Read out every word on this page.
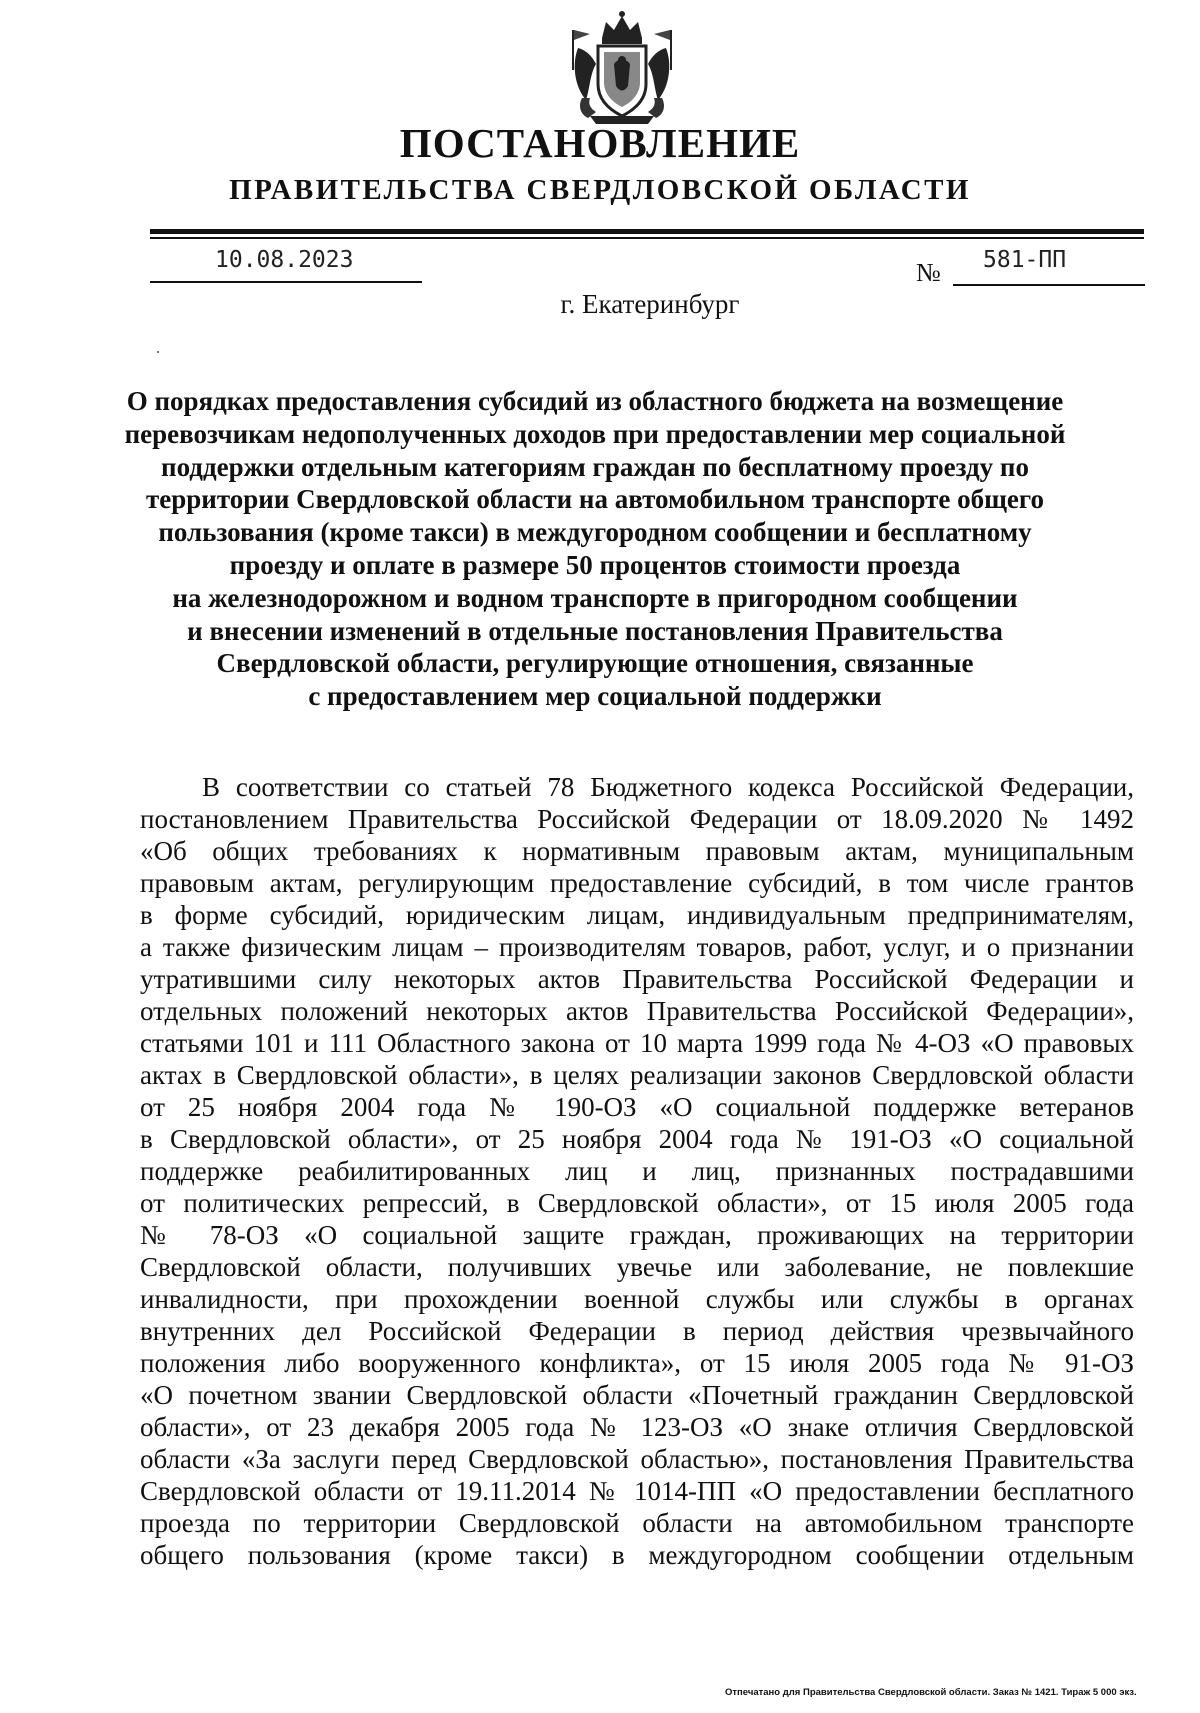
ПОСТАНОВЛЕНИЕ
ПРАВИТЕЛЬСТВА СВЕРДЛОВСКОЙ ОБЛАСТИ
10.08.2023	№ 581-ПП
г. Екатеринбург
О порядках предоставления субсидий из областного бюджета на возмещение
перевозчикам недополученных доходов при предоставлении мер социальной
поддержки отдельным категориям граждан по бесплатному проезду по
территории Свердловской области на автомобильном транспорте общего
пользования (кроме такси) в междугородном сообщении и бесплатному
проезду и оплате в размере 50 процентов стоимости проезда
на железнодорожном и водном транспорте в пригородном сообщении
и внесении изменений в отдельные постановления Правительства
Свердловской области, регулирующие отношения, связанные
с предоставлением мер социальной поддержки
В соответствии со статьей 78 Бюджетного кодекса Российской Федерации,
постановлением Правительства Российской Федерации от 18.09.2020 № 1492
«Об общих требованиях к нормативным правовым актам, муниципальным
правовым актам, регулирующим предоставление субсидий, в том числе грантов
в форме субсидий, юридическим лицам, индивидуальным предпринимателям,
а также физическим лицам – производителям товаров, работ, услуг, и о признании
утратившими силу некоторых актов Правительства Российской Федерации и
отдельных положений некоторых актов Правительства Российской Федерации»,
статьями 101 и 111 Областного закона от 10 марта 1999 года № 4-ОЗ «О правовых
актах в Свердловской области», в целях реализации законов Свердловской области
от 25 ноября 2004 года № 190-ОЗ «О социальной поддержке ветеранов
в Свердловской области», от 25 ноября 2004 года № 191-ОЗ «О социальной
поддержке реабилитированных лиц и лиц, признанных пострадавшими
от политических репрессий, в Свердловской области», от 15 июля 2005 года
№ 78-ОЗ «О социальной защите граждан, проживающих на территории
Свердловской области, получивших увечье или заболевание, не повлекшие
инвалидности, при прохождении военной службы или службы в органах
внутренних дел Российской Федерации в период действия чрезвычайного
положения либо вооруженного конфликта», от 15 июля 2005 года № 91-ОЗ
«О почетном звании Свердловской области «Почетный гражданин Свердловской
области», от 23 декабря 2005 года № 123-ОЗ «О знаке отличия Свердловской
области «За заслуги перед Свердловской областью», постановления Правительства
Свердловской области от 19.11.2014 № 1014-ПП «О предоставлении бесплатного
проезда по территории Свердловской области на автомобильном транспорте
общего пользования (кроме такси) в междугородном сообщении отдельным
Отпечатано для Правительства Свердловской области. Заказ № 1421. Тираж 5 000 экз.
